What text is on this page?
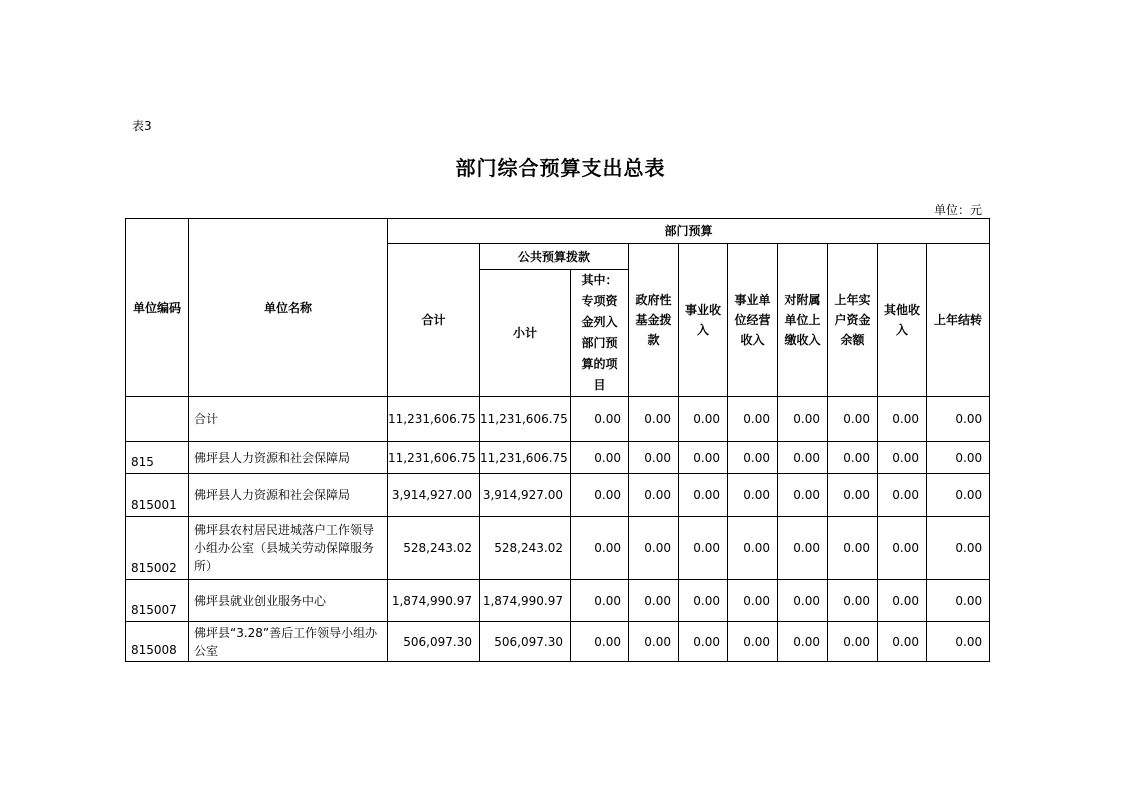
表3
部门综合预算支出总表
单位：元
单位编码	单位名称	部门预算									
		合计	公共预算拨款		政府性基金拨款	事业收入	事业单位经营收入	对附属单位上缴收入	上年实户资金余额	其他收入	上年结转
			小计	其中：专项资金列入部门预算的项目							
	合计	11,231,606.75	11,231,606.75	0.00	0.00	0.00	0.00	0.00	0.00	0.00	0.00
815	佛坪县人力资源和社会保障局	11,231,606.75	11,231,606.75	0.00	0.00	0.00	0.00	0.00	0.00	0.00	0.00
815001	佛坪县人力资源和社会保障局	3,914,927.00	3,914,927.00	0.00	0.00	0.00	0.00	0.00	0.00	0.00	0.00
815002	佛坪县农村居民进城落户工作领导小组办公室（县城关劳动保障服务所）	528,243.02	528,243.02	0.00	0.00	0.00	0.00	0.00	0.00	0.00	0.00
815007	佛坪县就业创业服务中心	1,874,990.97	1,874,990.97	0.00	0.00	0.00	0.00	0.00	0.00	0.00	0.00
815008	佛坪县“3.28”善后工作领导小组办公室	506,097.30	506,097.30	0.00	0.00	0.00	0.00	0.00	0.00	0.00	0.00
